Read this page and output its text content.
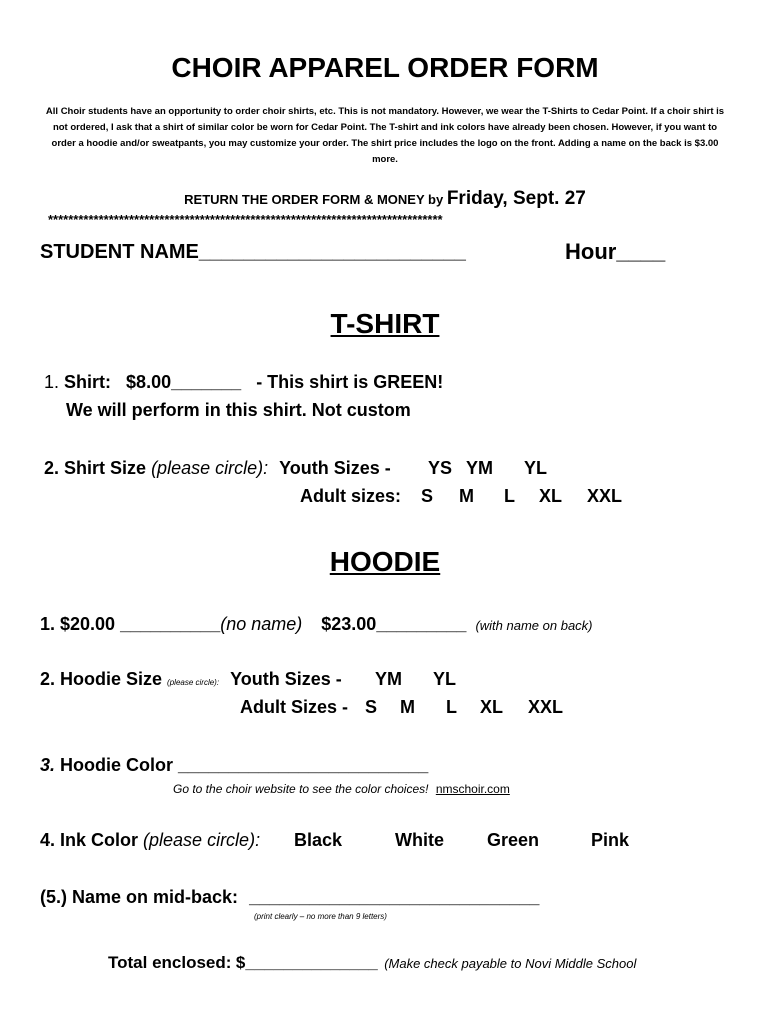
CHOIR APPAREL ORDER FORM
All Choir students have an opportunity to order choir shirts, etc. This is not mandatory. However, we wear the T-Shirts to Cedar Point. If a choir shirt is not ordered, I ask that a shirt of similar color be worn for Cedar Point. The T-shirt and ink colors have already been chosen. However, if you want to order a hoodie and/or sweatpants, you may customize your order. The shirt price includes the logo on the front. Adding a name on the back is $3.00 more.
RETURN THE ORDER FORM & MONEY by Friday, Sept. 27
******************************************************************************
STUDENT NAME________________________	Hour____
T-SHIRT
1. Shirt: $8.00_______ - This shirt is GREEN!
We will perform in this shirt. Not custom
2. Shirt Size (please circle): Youth Sizes - YS YM YL
Adult sizes: S M L XL XXL
HOODIE
1. $20.00 __________(no name) $23.00_________ (with name on back)
2. Hoodie Size (please circle): Youth Sizes - YM YL
Adult Sizes - S M L XL XXL
3. Hoodie Color _________________________
Go to the choir website to see the color choices! nmschoir.com
4. Ink Color (please circle): Black	White Green	Pink
(5.) Name on mid-back: _____________________________
(print clearly – no more than 9 letters)
Total enclosed: $______________ (Make check payable to Novi Middle School
